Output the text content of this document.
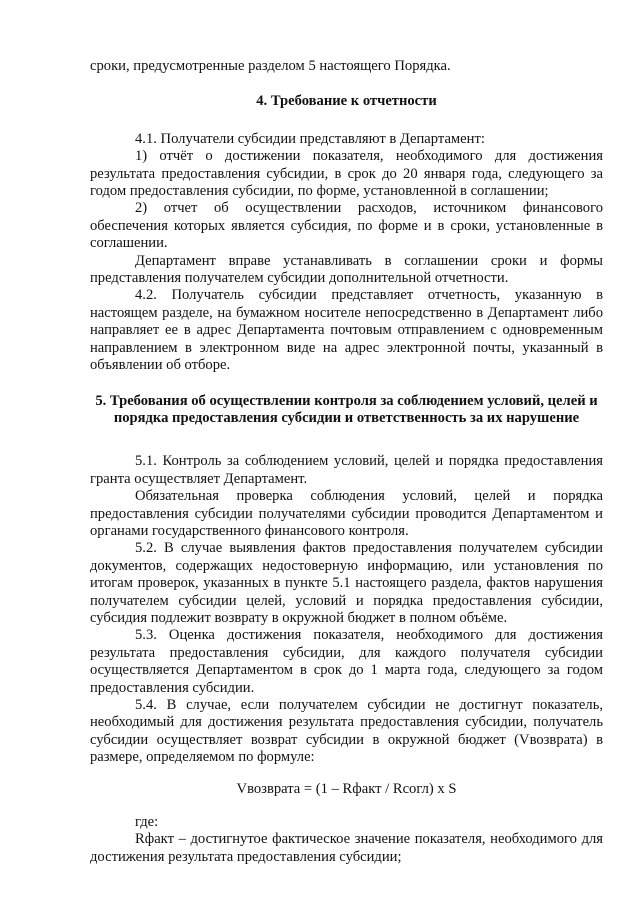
сроки, предусмотренные разделом 5 настоящего Порядка.

4. Требование к отчетности

4.1. Получатели субсидии представляют в Департамент:

1) отчёт о достижении показателя, необходимого для достижения результата предоставления субсидии, в срок до 20 января года, следующего за годом предоставления субсидии, по форме, установленной в соглашении;

2) отчет об осуществлении расходов, источником финансового обеспечения которых является субсидия, по форме и в сроки, установленные в соглашении.

Департамент вправе устанавливать в соглашении сроки и формы представления получателем субсидии дополнительной отчетности.

4.2. Получатель субсидии представляет отчетность, указанную в настоящем разделе, на бумажном носителе непосредственно в Департамент либо направляет ее в адрес Департамента почтовым отправлением с одновременным направлением в электронном виде на адрес электронной почты, указанный в объявлении об отборе.

5. Требования об осуществлении контроля за соблюдением условий, целей и порядка предоставления субсидии и ответственность за их нарушение

5.1. Контроль за соблюдением условий, целей и порядка предоставления гранта осуществляет Департамент.

Обязательная проверка соблюдения условий, целей и порядка предоставления субсидии получателями субсидии проводится Департаментом и органами государственного финансового контроля.

5.2. В случае выявления фактов предоставления получателем субсидии документов, содержащих недостоверную информацию, или установления по итогам проверок, указанных в пункте 5.1 настоящего раздела, фактов нарушения получателем субсидии целей, условий и порядка предоставления субсидии, субсидия подлежит возврату в окружной бюджет в полном объёме.

5.3. Оценка достижения показателя, необходимого для достижения результата предоставления субсидии, для каждого получателя субсидии осуществляется Департаментом в срок до 1 марта года, следующего за годом предоставления субсидии.

5.4. В случае, если получателем субсидии не достигнут показатель, необходимый для достижения результата предоставления субсидии, получатель субсидии осуществляет возврат субсидии в окружной бюджет (Vвозврата) в размере, определяемом по формуле:

Vвозврата = (1 – Rфакт / Rсогл) x S

где:

Rфакт – достигнутое фактическое значение показателя, необходимого для достижения результата предоставления субсидии;
